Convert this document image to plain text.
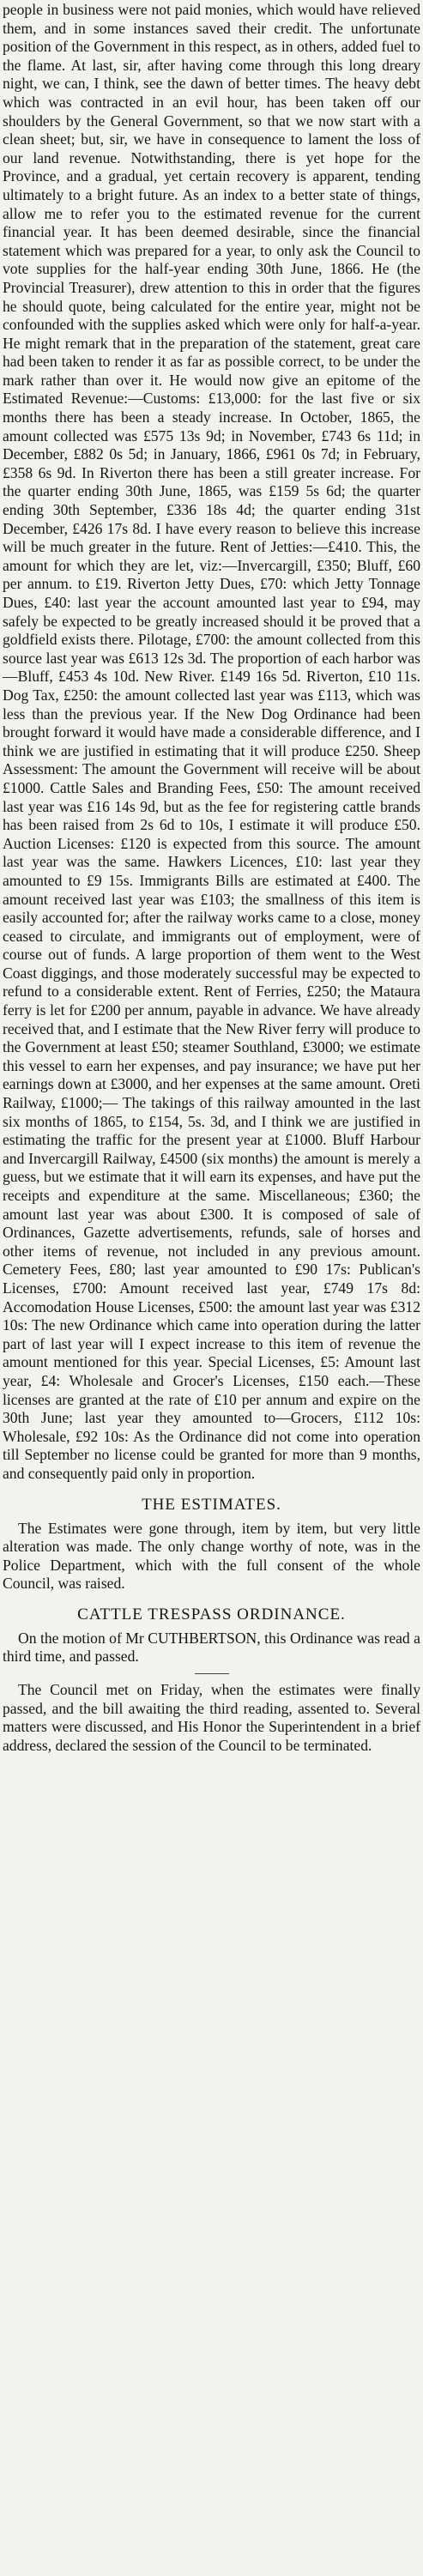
people in business were not paid monies, which would have relieved them, and in some instances saved their credit. The unfortunate position of the Government in this respect, as in others, added fuel to the flame. At last, sir, after having come through this long dreary night, we can, I think, see the dawn of better times. The heavy debt which was contracted in an evil hour, has been taken off our shoulders by the General Government, so that we now start with a clean sheet; but, sir, we have in consequence to lament the loss of our land revenue. Notwithstanding, there is yet hope for the Province, and a gradual, yet certain recovery is apparent, tending ultimately to a bright future. As an index to a better state of things, allow me to refer you to the estimated revenue for the current financial year. It has been deemed desirable, since the financial statement which was prepared for a year, to only ask the Council to vote supplies for the half-year ending 30th June, 1866. He (the Provincial Treasurer), drew attention to this in order that the figures he should quote, being calculated for the entire year, might not be confounded with the supplies asked which were only for half-a-year. He might remark that in the preparation of the statement, great care had been taken to render it as far as possible correct, to be under the mark rather than over it. He would now give an epitome of the Estimated Revenue:—Customs: £13,000: for the last five or six months there has been a steady increase. In October, 1865, the amount collected was £575 13s 9d; in November, £743 6s 11d; in December, £882 0s 5d; in January, 1866, £961 0s 7d; in February, £358 6s 9d. In Riverton there has been a still greater increase. For the quarter ending 30th June, 1865, was £159 5s 6d; the quarter ending 30th September, £336 18s 4d; the quarter ending 31st December, £426 17s 8d. I have every reason to believe this increase will be much greater in the future. Rent of Jetties:—£410. This, the amount for which they are let, viz:—Invercargill, £350; Bluff, £60 per annum. to £19. Riverton Jetty Dues, £70: which Jetty Tonnage Dues, £40: last year the account amounted last year to £94, may safely be expected to be greatly increased should it be proved that a goldfield exists there. Pilotage, £700: the amount collected from this source last year was £613 12s 3d. The proportion of each harbor was—Bluff, £453 4s 10d. New River. £149 16s 5d. Riverton, £10 11s. Dog Tax, £250: the amount collected last year was £113, which was less than the previous year. If the New Dog Ordinance had been brought forward it would have made a considerable difference, and I think we are justified in estimating that it will produce £250. Sheep Assessment: The amount the Government will receive will be about £1000. Cattle Sales and Branding Fees, £50: The amount received last year was £16 14s 9d, but as the fee for registering cattle brands has been raised from 2s 6d to 10s, I estimate it will produce £50. Auction Licenses: £120 is expected from this source. The amount last year was the same. Hawkers Licences, £10: last year they amounted to £9 15s. Immigrants Bills are estimated at £400. The amount received last year was £103; the smallness of this item is easily accounted for; after the railway works came to a close, money ceased to circulate, and immigrants out of employment, were of course out of funds. A large proportion of them went to the West Coast diggings, and those moderately successful may be expected to refund to a considerable extent. Rent of Ferries, £250; the Mataura ferry is let for £200 per annum, payable in advance. We have already received that, and I estimate that the New River ferry will produce to the Government at least £50; steamer Southland, £3000; we estimate this vessel to earn her expenses, and pay insurance; we have put her earnings down at £3000, and her expenses at the same amount. Oreti Railway, £1000;— The takings of this railway amounted in the last six months of 1865, to £154, 5s. 3d, and I think we are justified in estimating the traffic for the present year at £1000. Bluff Harbour and Invercargill Railway, £4500 (six months) the amount is merely a guess, but we estimate that it will earn its expenses, and have put the receipts and expenditure at the same. Miscellaneous; £360; the amount last year was about £300. It is composed of sale of Ordinances, Gazette advertisements, refunds, sale of horses and other items of revenue, not included in any previous amount. Cemetery Fees, £80; last year amounted to £90 17s: Publican's Licenses, £700: Amount received last year, £749 17s 8d: Accomodation House Licenses, £500: the amount last year was £312 10s: The new Ordinance which came into operation during the latter part of last year will I expect increase to this item of revenue the amount mentioned for this year. Special Licenses, £5: Amount last year, £4: Wholesale and Grocer's Licenses, £150 each.—These licenses are granted at the rate of £10 per annum and expire on the 30th June; last year they amounted to—Grocers, £112 10s: Wholesale, £92 10s: As the Ordinance did not come into operation till September no license could be granted for more than 9 months, and consequently paid only in proportion.

THE ESTIMATES.

The Estimates were gone through, item by item, but very little alteration was made. The only change worthy of note, was in the Police Department, which with the full consent of the whole Council, was raised.

CATTLE TRESPASS ORDINANCE.

On the motion of Mr CUTHBERTSON, this Ordinance was read a third time, and passed.

The Council met on Friday, when the estimates were finally passed, and the bill awaiting the third reading, assented to. Several matters were discussed, and His Honor the Superintendent in a brief address, declared the session of the Council to be terminated.
